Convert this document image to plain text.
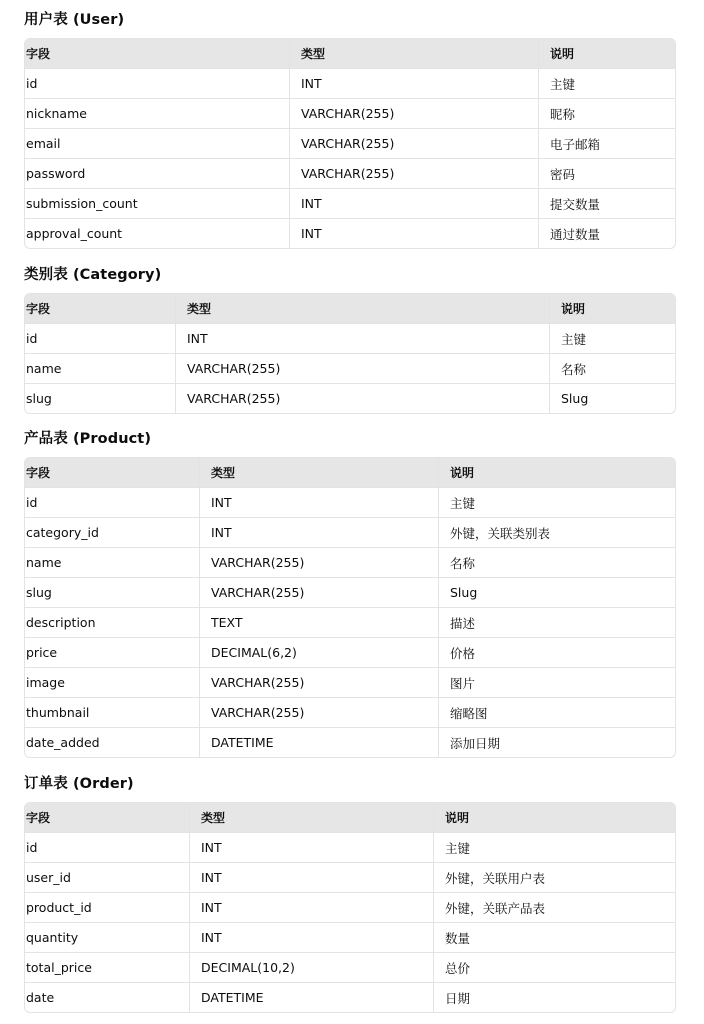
用户表 (User)
字段	类型	说明
id	INT	主键
nickname	VARCHAR(255)	昵称
email	VARCHAR(255)	电子邮箱
password	VARCHAR(255)	密码
submission_count	INT	提交数量
approval_count	INT	通过数量
类别表 (Category)
字段	类型	说明
id	INT	主键
name	VARCHAR(255)	名称
slug	VARCHAR(255)	Slug
产品表 (Product)
字段	类型	说明
id	INT	主键
category_id	INT	外键，关联类别表
name	VARCHAR(255)	名称
slug	VARCHAR(255)	Slug
description	TEXT	描述
price	DECIMAL(6,2)	价格
image	VARCHAR(255)	图片
thumbnail	VARCHAR(255)	缩略图
date_added	DATETIME	添加日期
订单表 (Order)
字段	类型	说明
id	INT	主键
user_id	INT	外键，关联用户表
product_id	INT	外键，关联产品表
quantity	INT	数量
total_price	DECIMAL(10,2)	总价
date	DATETIME	日期
